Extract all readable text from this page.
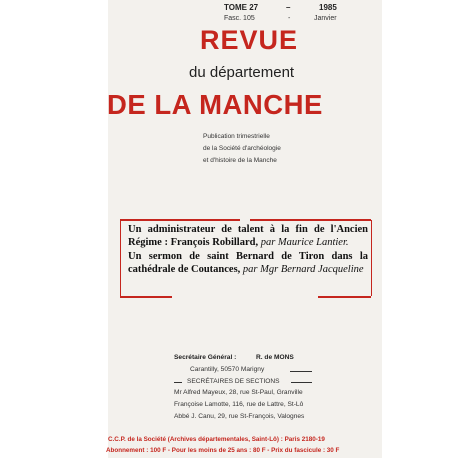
TOME 27	–	1985
Fasc. 105	-	Janvier
REVUE
du département
DE LA MANCHE
Publication trimestrielle
de la Société d'archéologie
et d'histoire de la Manche

Un administrateur de talent à la fin de l'Ancien Régime : François Robillard, par Maurice Lantier.

Un sermon de saint Bernard de Tiron dans la cathédrale de Coutances, par Mgr Bernard Jacqueline

Secrétaire Général :	R. de MONS
Carantilly, 50570 Marigny
SECRÉTAIRES DE SECTIONS
Mr Alfred Mayeux, 28, rue St-Paul, Granville
Françoise Lamotte, 116, rue de Lattre, St-Lô
Abbé J. Canu, 29, rue St-François, Valognes
C.C.P. de la Société (Archives départementales, Saint-Lô) : Paris 2180-19
Abonnement : 100 F - Pour les moins de 25 ans : 80 F - Prix du fascicule : 30 F
